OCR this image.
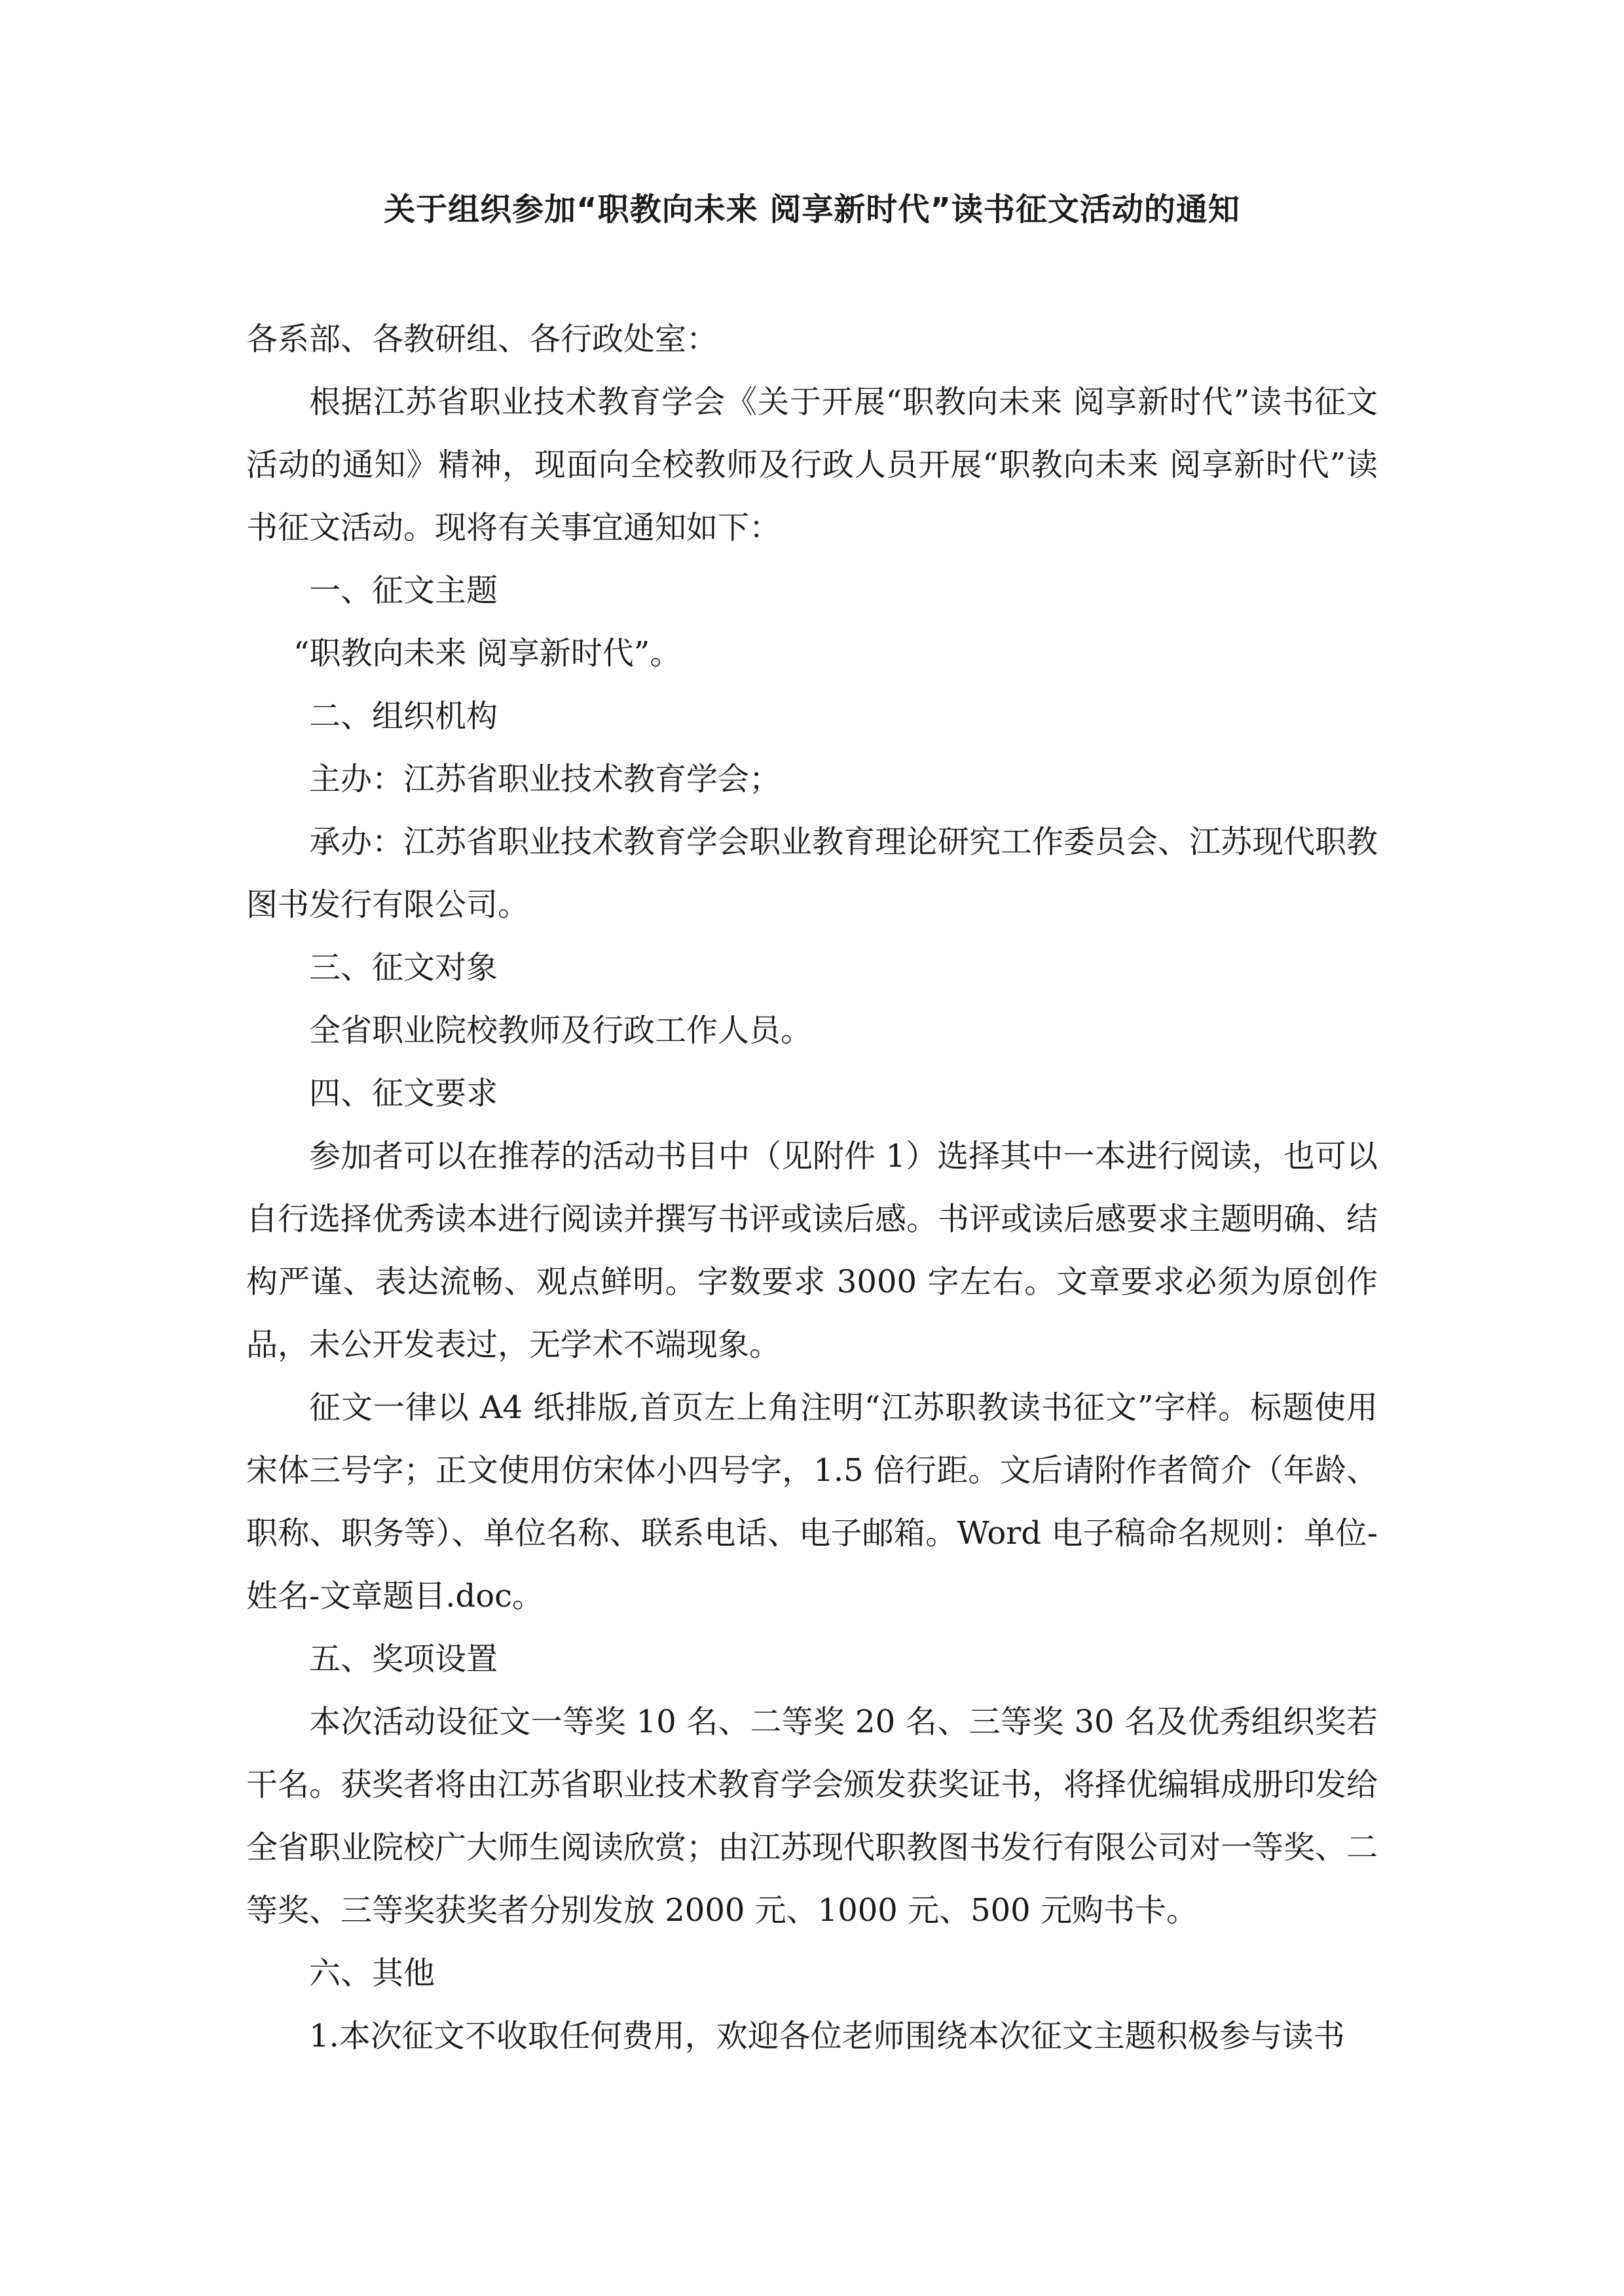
关于组织参加“职教向未来 阅享新时代”读书征文活动的通知

各系部、各教研组、各行政处室：

根据江苏省职业技术教育学会《关于开展“职教向未来 阅享新时代”读书征文活动的通知》精神，现面向全校教师及行政人员开展“职教向未来 阅享新时代”读书征文活动。现将有关事宜通知如下：

一、征文主题

“职教向未来 阅享新时代”。

二、组织机构

主办：江苏省职业技术教育学会；

承办：江苏省职业技术教育学会职业教育理论研究工作委员会、江苏现代职教图书发行有限公司。

三、征文对象

全省职业院校教师及行政工作人员。

四、征文要求

参加者可以在推荐的活动书目中（见附件 1）选择其中一本进行阅读，也可以自行选择优秀读本进行阅读并撰写书评或读后感。书评或读后感要求主题明确、结构严谨、表达流畅、观点鲜明。字数要求 3000 字左右。文章要求必须为原创作品，未公开发表过，无学术不端现象。

征文一律以 A4 纸排版,首页左上角注明“江苏职教读书征文”字样。标题使用宋体三号字；正文使用仿宋体小四号字，1.5 倍行距。文后请附作者简介（年龄、职称、职务等）、单位名称、联系电话、电子邮箱。Word 电子稿命名规则：单位-姓名-文章题目.doc。

五、奖项设置

本次活动设征文一等奖 10 名、二等奖 20 名、三等奖 30 名及优秀组织奖若干名。获奖者将由江苏省职业技术教育学会颁发获奖证书，将择优编辑成册印发给全省职业院校广大师生阅读欣赏；由江苏现代职教图书发行有限公司对一等奖、二等奖、三等奖获奖者分别发放 2000 元、1000 元、500 元购书卡。

六、其他

1.本次征文不收取任何费用，欢迎各位老师围绕本次征文主题积极参与读书
